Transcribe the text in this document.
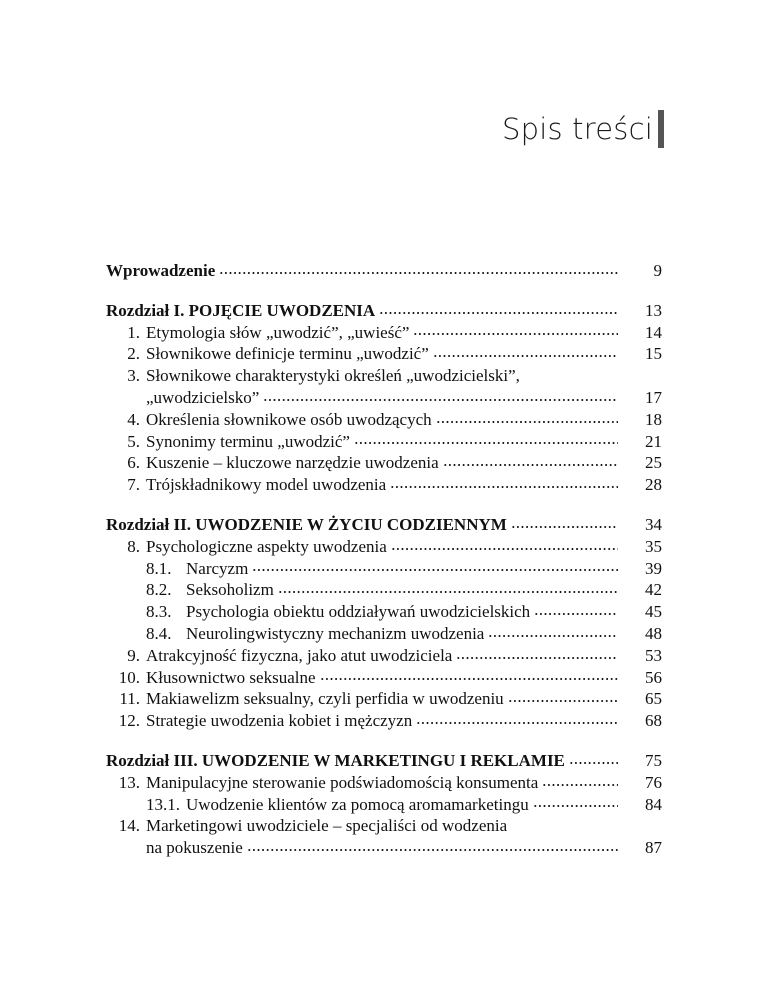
Spis treści
Wprowadzenie	9
Rozdział I. POJĘCIE UWODZENIA	13
1. Etymologia słów „uwodzić”, „uwieść”	14
2. Słownikowe definicje terminu „uwodzić”	15
3. Słownikowe charakterystyki określeń „uwodzicielski”,
„uwodzicielsko”	17
4. Określenia słownikowe osób uwodzących	18
5. Synonimy terminu „uwodzić”	21
6. Kuszenie – kluczowe narzędzie uwodzenia	25
7. Trójskładnikowy model uwodzenia	28
Rozdział II. UWODZENIE W ŻYCIU CODZIENNYM	34
8. Psychologiczne aspekty uwodzenia	35
8.1. Narcyzm	39
8.2. Seksoholizm	42
8.3. Psychologia obiektu oddziaływań uwodzicielskich	45
8.4. Neurolingwistyczny mechanizm uwodzenia	48
9. Atrakcyjność fizyczna, jako atut uwodziciela	53
10. Kłusownictwo seksualne	56
11. Makiawelizm seksualny, czyli perfidia w uwodzeniu	65
12. Strategie uwodzenia kobiet i mężczyzn	68
Rozdział III. UWODZENIE W MARKETINGU I REKLAMIE	75
13. Manipulacyjne sterowanie podświadomością konsumenta	76
13.1. Uwodzenie klientów za pomocą aromamarketingu	84
14. Marketingowi uwodziciele – specjaliści od wodzenia
na pokuszenie	87
